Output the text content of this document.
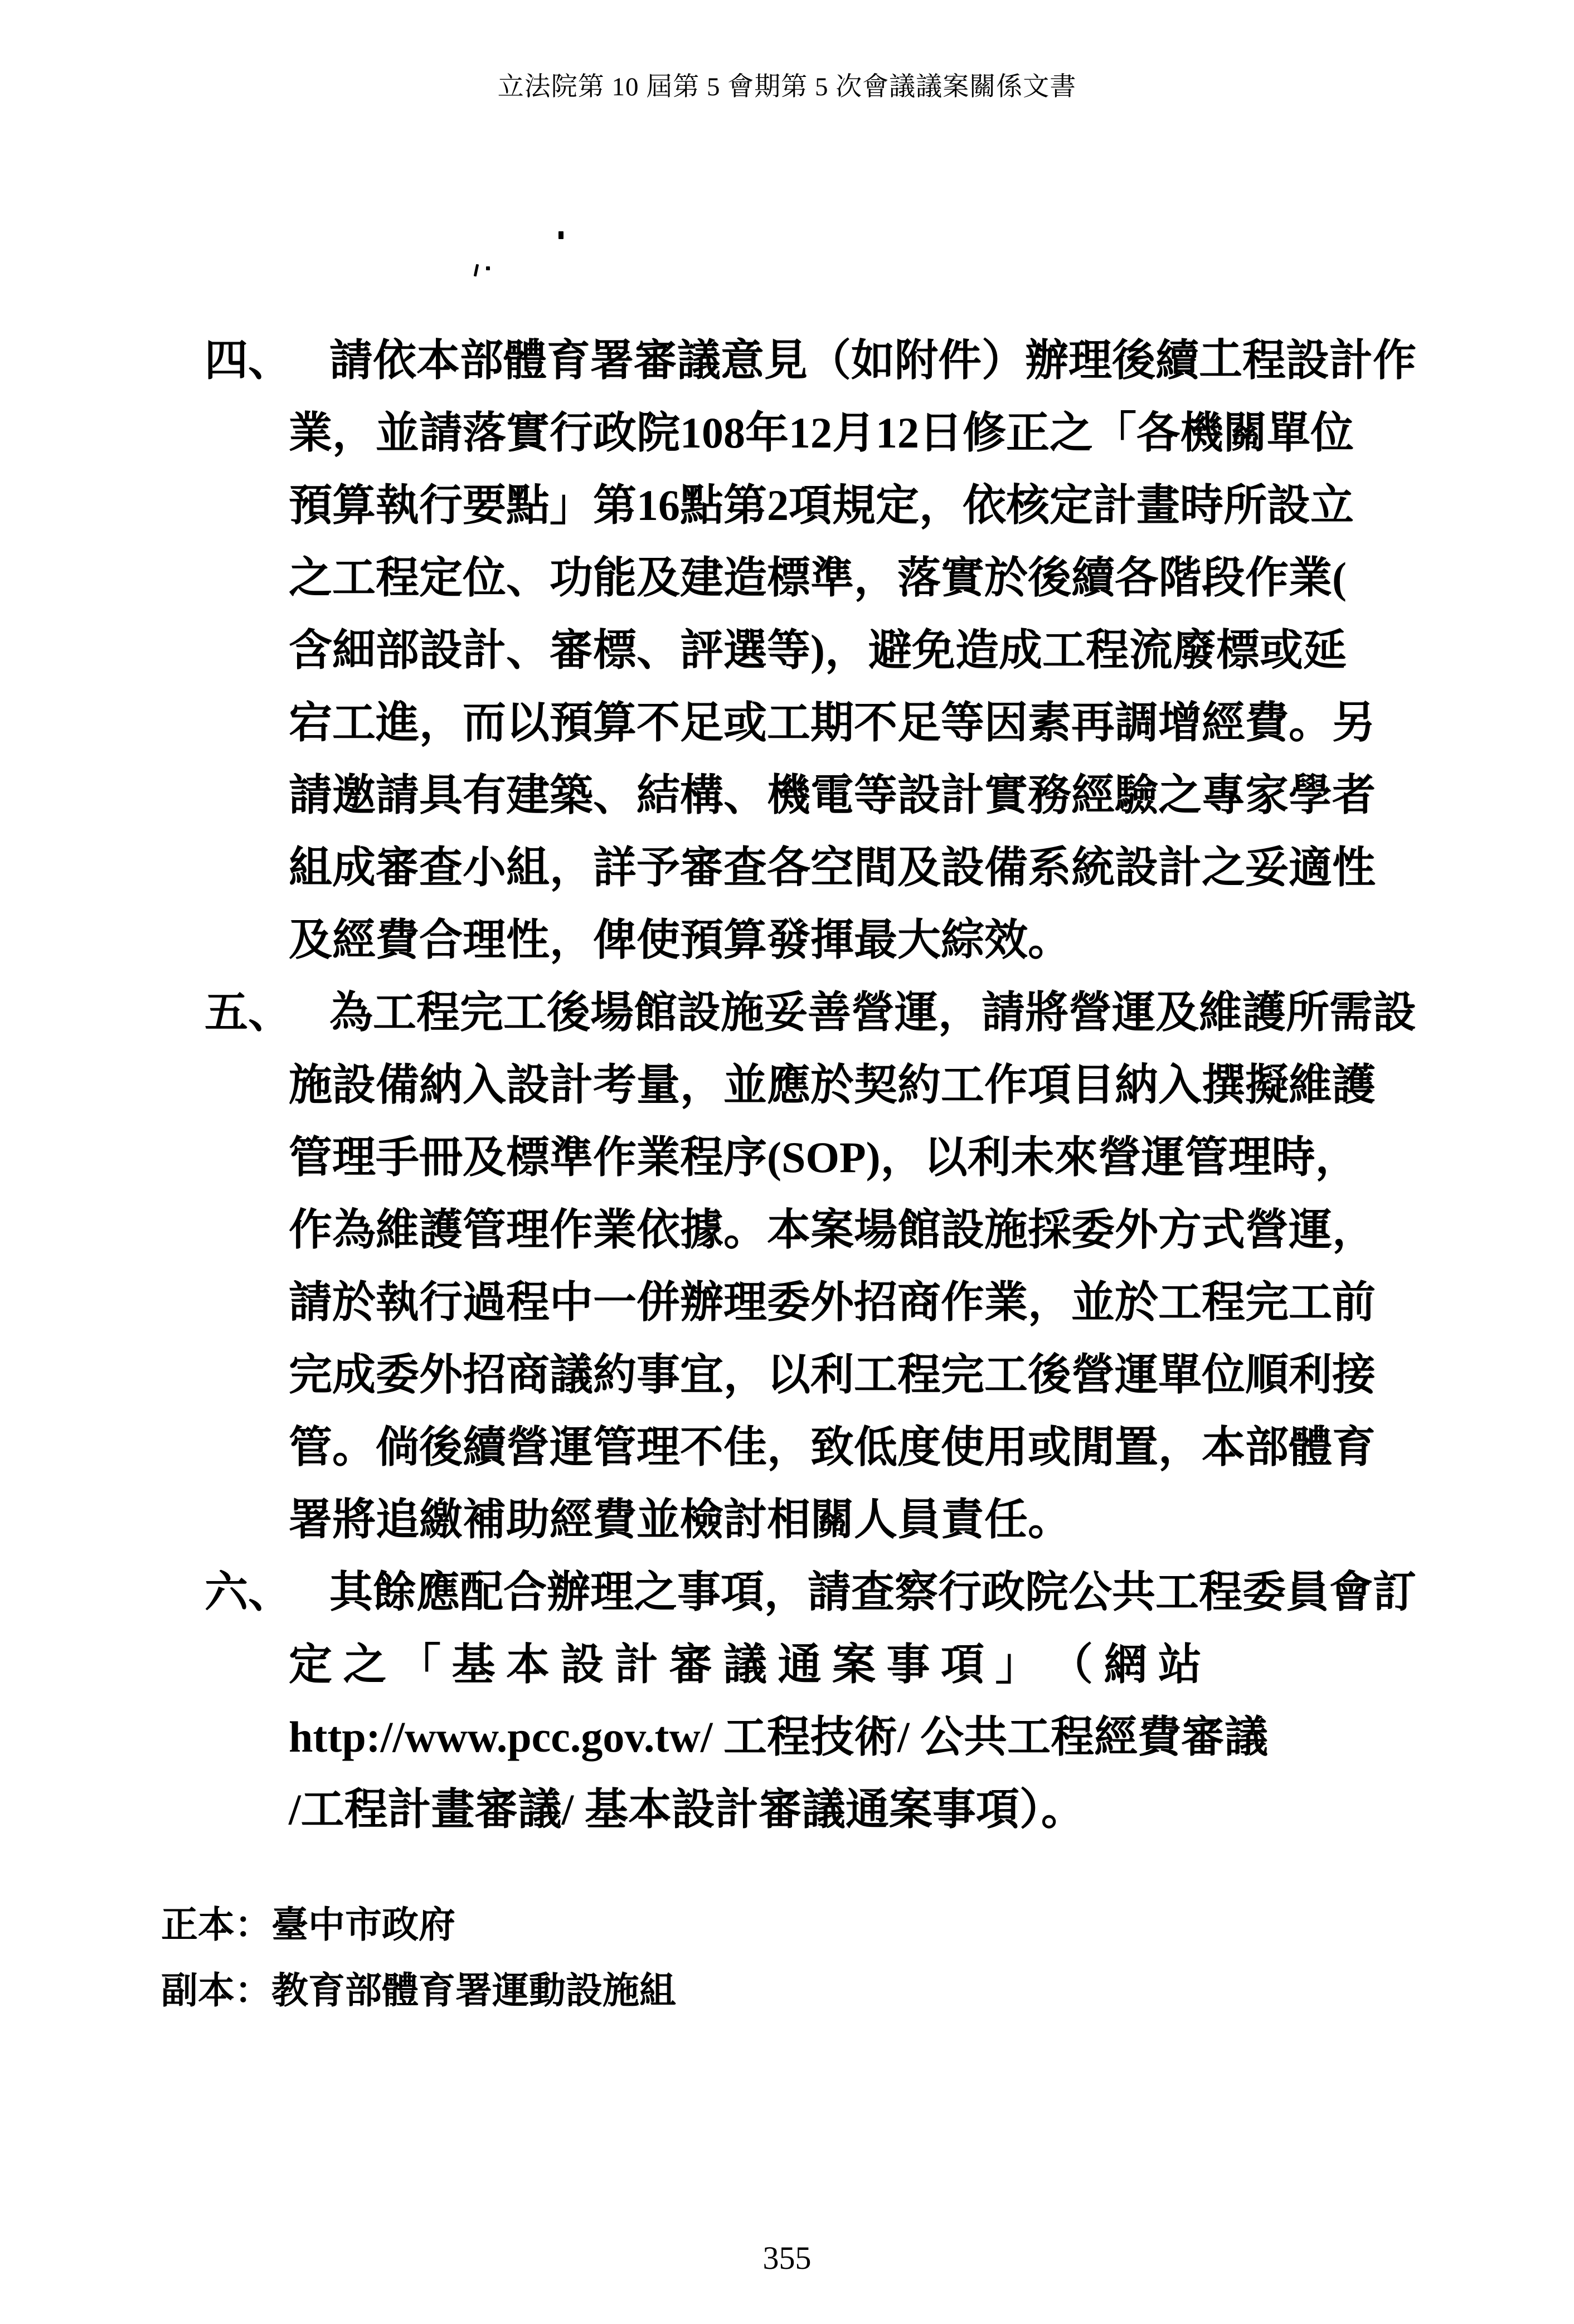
立法院第 10 屆第 5 會期第 5 次會議議案關係文書
四、 請依本部體育署審議意見（如附件）辦理後續工程設計作
業，並請落實行政院108年12月12日修正之「各機關單位
預算執行要點」第16點第2項規定，依核定計畫時所設立
之工程定位、功能及建造標準，落實於後續各階段作業(
含細部設計、審標、評選等)，避免造成工程流廢標或延
宕工進，而以預算不足或工期不足等因素再調增經費。另
請邀請具有建築、結構、機電等設計實務經驗之專家學者
組成審查小組，詳予審查各空間及設備系統設計之妥適性
及經費合理性，俾使預算發揮最大綜效。
五、 為工程完工後場館設施妥善營運，請將營運及維護所需設
施設備納入設計考量，並應於契約工作項目納入撰擬維護
管理手冊及標準作業程序(SOP)，以利未來營運管理時，
作為維護管理作業依據。本案場館設施採委外方式營運，
請於執行過程中一併辦理委外招商作業，並於工程完工前
完成委外招商議約事宜，以利工程完工後營運單位順利接
管。倘後續營運管理不佳，致低度使用或閒置，本部體育
署將追繳補助經費並檢討相關人員責任。
六、 其餘應配合辦理之事項，請查察行政院公共工程委員會訂
定 之 「 基 本 設 計 審 議 通 案 事 項 」 （ 網 站
http://www.pcc.gov.tw/ 工程技術/ 公共工程經費審議
/工程計畫審議/ 基本設計審議通案事項）。
正本：臺中市政府
副本：教育部體育署運動設施組
355
